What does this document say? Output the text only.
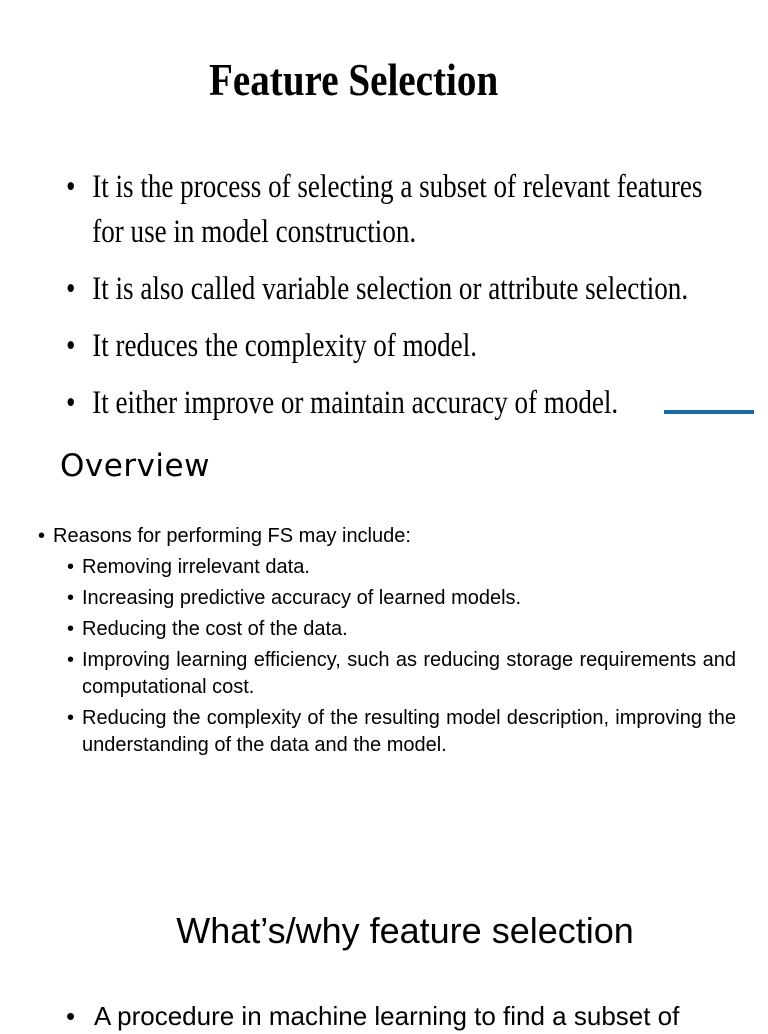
Feature Selection
• It is the process of selecting a subset of relevant features
for use in model construction.
• It is also called variable selection or attribute selection.
• It reduces the complexity of model.
• It either improve or maintain accuracy of model.
Overview
• Reasons for performing FS may include:
• Removing irrelevant data.
• Increasing predictive accuracy of learned models.
• Reducing the cost of the data.
• Improving learning efficiency, such as reducing storage requirements and computational cost.
• Reducing the complexity of the resulting model description, improving the understanding of the data and the model.
What’s/why feature selection
• A procedure in machine learning to find a subset of
